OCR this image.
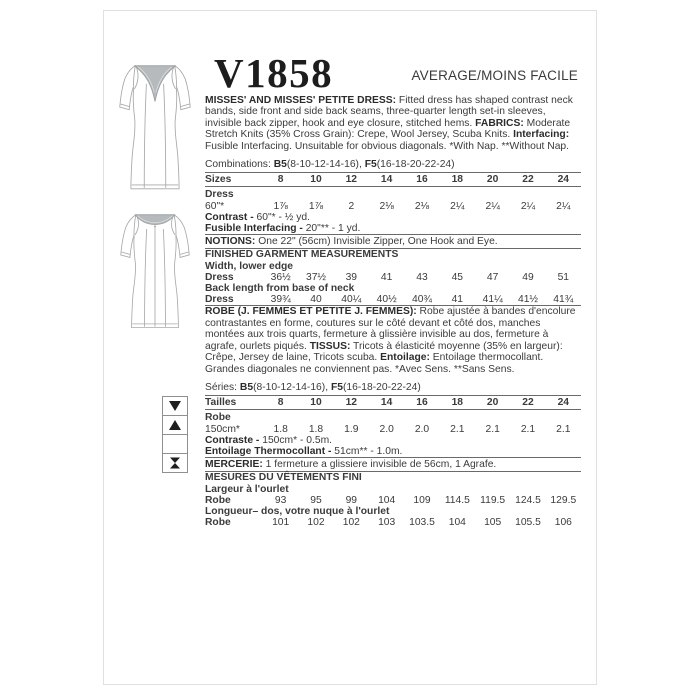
V1858	AVERAGE/MOINS FACILE

MISSES' AND MISSES' PETITE DRESS: Fitted dress has shaped contrast neck bands, side front and side back seams, three-quarter length set-in sleeves, invisible back zipper, hook and eye closure, stitched hems. FABRICS: Moderate Stretch Knits (35% Cross Grain): Crepe, Wool Jersey, Scuba Knits. Interfacing: Fusible Interfacing. Unsuitable for obvious diagonals. *With Nap. **Without Nap.

Combinations: B5(8-10-12-14-16), F5(16-18-20-22-24)
Sizes	8	10	12	14	16	18	20	22	24
Dress
60"*	1⅞	1⅞	2	2⅛	2⅛	2¼	2¼	2¼	2¼
Contrast - 60"* - ½ yd.
Fusible Interfacing - 20"** - 1 yd.
NOTIONS: One 22" (56cm) Invisible Zipper, One Hook and Eye.
FINISHED GARMENT MEASUREMENTS
Width, lower edge
Dress	36½	37½	39	41	43	45	47	49	51
Back length from base of neck
Dress	39¾	40	40¼	40½	40¾	41	41¼	41½	41¾

ROBE (J. FEMMES ET PETITE J. FEMMES): Robe ajustée à bandes d'encolure contrastantes en forme, coutures sur le côté devant et côté dos, manches montées aux trois quarts, fermeture à glissière invisible au dos, fermeture à agrafe, ourlets piqués. TISSUS: Tricots à élasticité moyenne (35% en largeur): Crêpe, Jersey de laine, Tricots scuba. Entoilage: Entoilage thermocollant. Grandes diagonales ne conviennent pas. *Avec Sens. **Sans Sens.

Séries: B5(8-10-12-14-16), F5(16-18-20-22-24)
Tailles	8	10	12	14	16	18	20	22	24
Robe
150cm*	1.8	1.8	1.9	2.0	2.0	2.1	2.1	2.1	2.1
Contraste - 150cm* - 0.5m.
Entoilage Thermocollant - 51cm** - 1.0m.
MERCERIE: 1 fermeture a glissiere invisible de 56cm, 1 Agrafe.
MESURES DU VÊTEMENTS FINI
Largeur à l'ourlet
Robe	93	95	99	104	109	114.5	119.5 124.5 129.5
Longueur– dos, votre nuque à l'ourlet
Robe	101	102	102	103	103.5	104	105	105.5	106
